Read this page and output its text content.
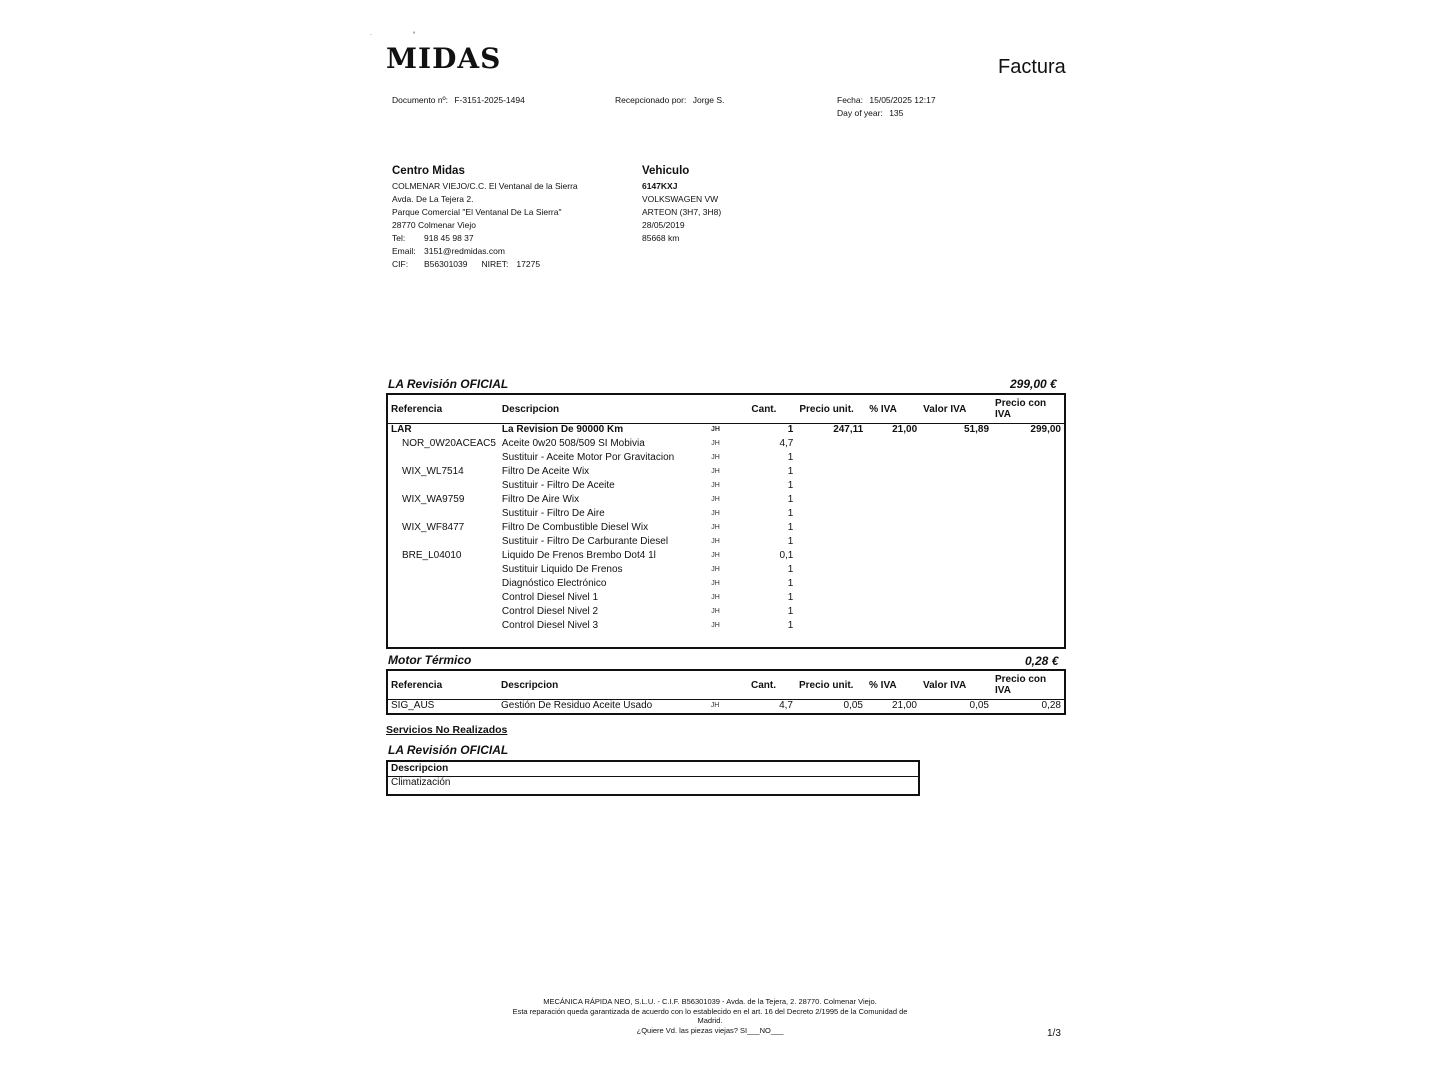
·	°
MIDAS	Factura
Documento nº: F-3151-2025-1494	Recepcionado por: Jorge S.	Fecha: 15/05/2025 12:17
Day of year: 135
Centro Midas
COLMENAR VIEJO/C.C. El Ventanal de la Sierra
Avda. De La Tejera 2.
Parque Comercial "El Ventanal De La Sierra"
28770 Colmenar Viejo
Tel: 918 45 98 37
Email: 3151@redmidas.com
CIF: B56301039 NIRET: 17275
Vehiculo
6147KXJ
VOLKSWAGEN VW
ARTEON (3H7, 3H8)
28/05/2019
85668 km
LA Revisión OFICIAL	299,00 €
Referencia	Descripcion		Cant.	Precio unit.	% IVA	Valor IVA	Precio con IVA
LAR	La Revision De 90000 Km	JH	1	247,11	21,00	51,89	299,00
NOR_0W20ACEAC5	Aceite 0w20 508/509 SI Mobivia	JH	4,7				
	Sustituir - Aceite Motor Por Gravitacion	JH	1				
WIX_WL7514	Filtro De Aceite Wix	JH	1				
	Sustituir - Filtro De Aceite	JH	1				
WIX_WA9759	Filtro De Aire Wix	JH	1				
	Sustituir - Filtro De Aire	JH	1				
WIX_WF8477	Filtro De Combustible Diesel Wix	JH	1				
	Sustituir - Filtro De Carburante Diesel	JH	1				
BRE_L04010	Liquido De Frenos Brembo Dot4 1l	JH	0,1				
	Sustituir Liquido De Frenos	JH	1				
	Diagnóstico Electrónico	JH	1				
	Control Diesel Nivel 1	JH	1				
	Control Diesel Nivel 2	JH	1				
	Control Diesel Nivel 3	JH	1				
Motor Térmico	0,28 €
Referencia	Descripcion		Cant.	Precio unit.	% IVA	Valor IVA	Precio con IVA
SIG_AUS	Gestión De Residuo Aceite Usado	JH	4,7	0,05	21,00	0,05	0,28
Servicios No Realizados
LA Revisión OFICIAL
Descripcion
Climatización
MECÁNICA RÁPIDA NEO, S.L.U. - C.I.F. B56301039 - Avda. de la Tejera, 2. 28770. Colmenar Viejo.
Esta reparación queda garantizada de acuerdo con lo establecido en el art. 16 del Decreto 2/1995 de la Comunidad de Madrid.
¿Quiere Vd. las piezas viejas? SI___NO___	1/3
